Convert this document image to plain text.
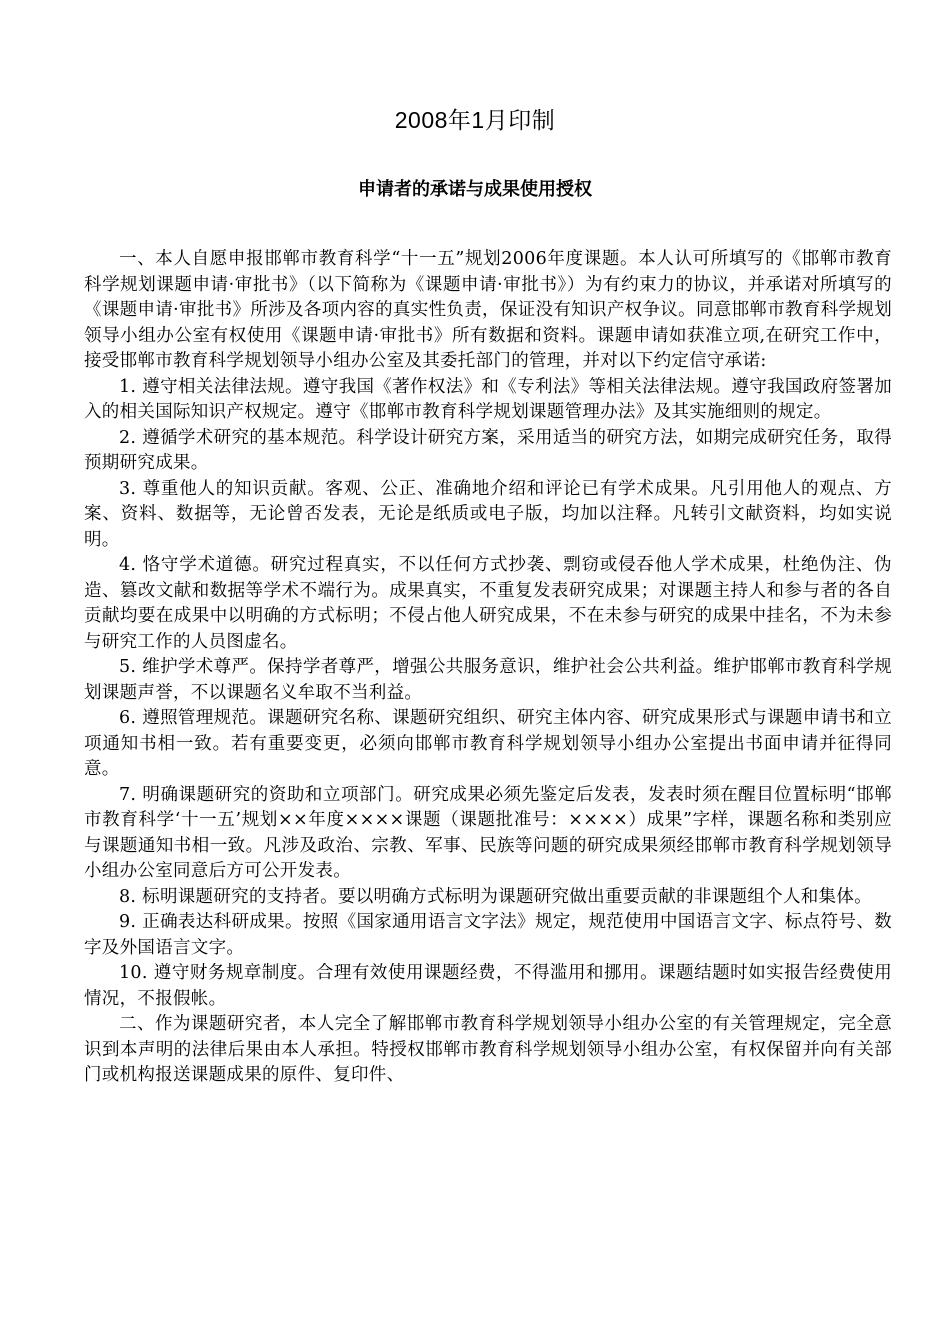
2008年1月印制
申请者的承诺与成果使用授权

一、本人自愿申报邯郸市教育科学“十一五”规划2006年度课题。本人认可所填写的《邯郸市教育科学规划课题申请·审批书》（以下简称为《课题申请·审批书》）为有约束力的协议，并承诺对所填写的《课题申请·审批书》所涉及各项内容的真实性负责，保证没有知识产权争议。同意邯郸市教育科学规划领导小组办公室有权使用《课题申请·审批书》所有数据和资料。课题申请如获准立项,在研究工作中，接受邯郸市教育科学规划领导小组办公室及其委托部门的管理，并对以下约定信守承诺:

1. 遵守相关法律法规。遵守我国《著作权法》和《专利法》等相关法律法规。遵守我国政府签署加入的相关国际知识产权规定。遵守《邯郸市教育科学规划课题管理办法》及其实施细则的规定。

2. 遵循学术研究的基本规范。科学设计研究方案，采用适当的研究方法，如期完成研究任务，取得预期研究成果。

3. 尊重他人的知识贡献。客观、公正、准确地介绍和评论已有学术成果。凡引用他人的观点、方案、资料、数据等，无论曾否发表，无论是纸质或电子版，均加以注释。凡转引文献资料，均如实说明。

4. 恪守学术道德。研究过程真实，不以任何方式抄袭、剽窃或侵吞他人学术成果，杜绝伪注、伪造、篡改文献和数据等学术不端行为。成果真实，不重复发表研究成果；对课题主持人和参与者的各自贡献均要在成果中以明确的方式标明；不侵占他人研究成果，不在未参与研究的成果中挂名，不为未参与研究工作的人员图虚名。

5. 维护学术尊严。保持学者尊严，增强公共服务意识，维护社会公共利益。维护邯郸市教育科学规划课题声誉，不以课题名义牟取不当利益。

6. 遵照管理规范。课题研究名称、课题研究组织、研究主体内容、研究成果形式与课题申请书和立项通知书相一致。若有重要变更，必须向邯郸市教育科学规划领导小组办公室提出书面申请并征得同意。

7. 明确课题研究的资助和立项部门。研究成果必须先鉴定后发表，发表时须在醒目位置标明“邯郸市教育科学‘十一五’规划××年度××××课题（课题批准号：××××）成果”字样，课题名称和类别应与课题通知书相一致。凡涉及政治、宗教、军事、民族等问题的研究成果须经邯郸市教育科学规划领导小组办公室同意后方可公开发表。

8. 标明课题研究的支持者。要以明确方式标明为课题研究做出重要贡献的非课题组个人和集体。

9. 正确表达科研成果。按照《国家通用语言文字法》规定，规范使用中国语言文字、标点符号、数字及外国语言文字。

10. 遵守财务规章制度。合理有效使用课题经费，不得滥用和挪用。课题结题时如实报告经费使用情况，不报假帐。

二、作为课题研究者，本人完全了解邯郸市教育科学规划领导小组办公室的有关管理规定，完全意识到本声明的法律后果由本人承担。特授权邯郸市教育科学规划领导小组办公室，有权保留并向有关部门或机构报送课题成果的原件、复印件、
